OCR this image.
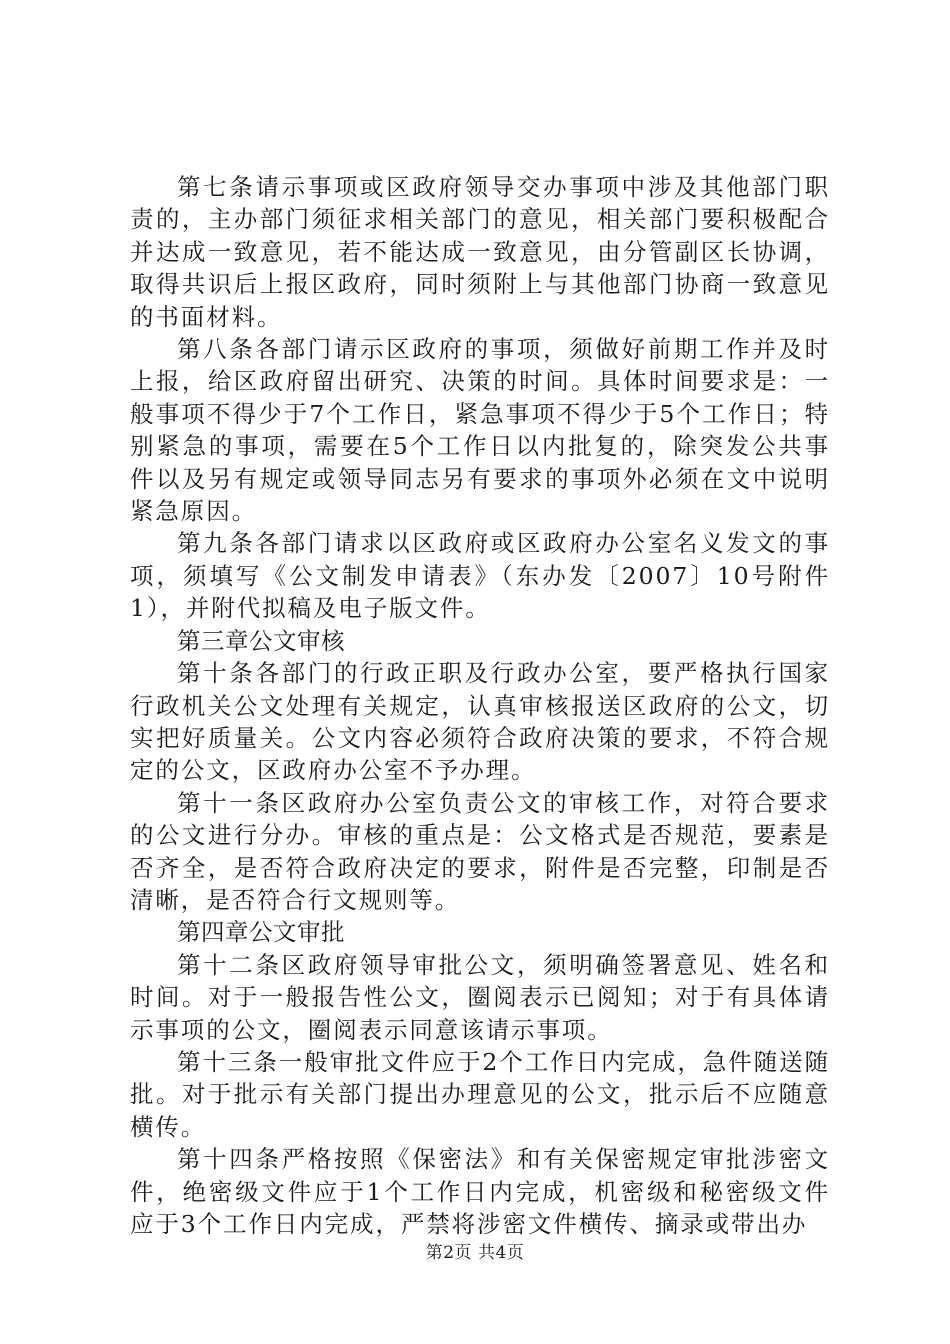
第七条请示事项或区政府领导交办事项中涉及其他部门职责的，主办部门须征求相关部门的意见，相关部门要积极配合并达成一致意见，若不能达成一致意见，由分管副区长协调，取得共识后上报区政府，同时须附上与其他部门协商一致意见的书面材料。

第八条各部门请示区政府的事项，须做好前期工作并及时上报，给区政府留出研究、决策的时间。具体时间要求是：一般事项不得少于7个工作日，紧急事项不得少于5个工作日；特别紧急的事项，需要在5个工作日以内批复的，除突发公共事件以及另有规定或领导同志另有要求的事项外必须在文中说明紧急原因。

第九条各部门请求以区政府或区政府办公室名义发文的事项，须填写《公文制发申请表》（东办发〔2007〕10号附件1），并附代拟稿及电子版文件。

第三章公文审核

第十条各部门的行政正职及行政办公室，要严格执行国家行政机关公文处理有关规定，认真审核报送区政府的公文，切实把好质量关。公文内容必须符合政府决策的要求，不符合规定的公文，区政府办公室不予办理。

第十一条区政府办公室负责公文的审核工作，对符合要求的公文进行分办。审核的重点是：公文格式是否规范，要素是否齐全，是否符合政府决定的要求，附件是否完整，印制是否清晰，是否符合行文规则等。

第四章公文审批

第十二条区政府领导审批公文，须明确签署意见、姓名和时间。对于一般报告性公文，圈阅表示已阅知；对于有具体请示事项的公文，圈阅表示同意该请示事项。

第十三条一般审批文件应于2个工作日内完成，急件随送随批。对于批示有关部门提出办理意见的公文，批示后不应随意横传。

第十四条严格按照《保密法》和有关保密规定审批涉密文件，绝密级文件应于1个工作日内完成，机密级和秘密级文件应于3个工作日内完成，严禁将涉密文件横传、摘录或带出办

第2页 共4页
